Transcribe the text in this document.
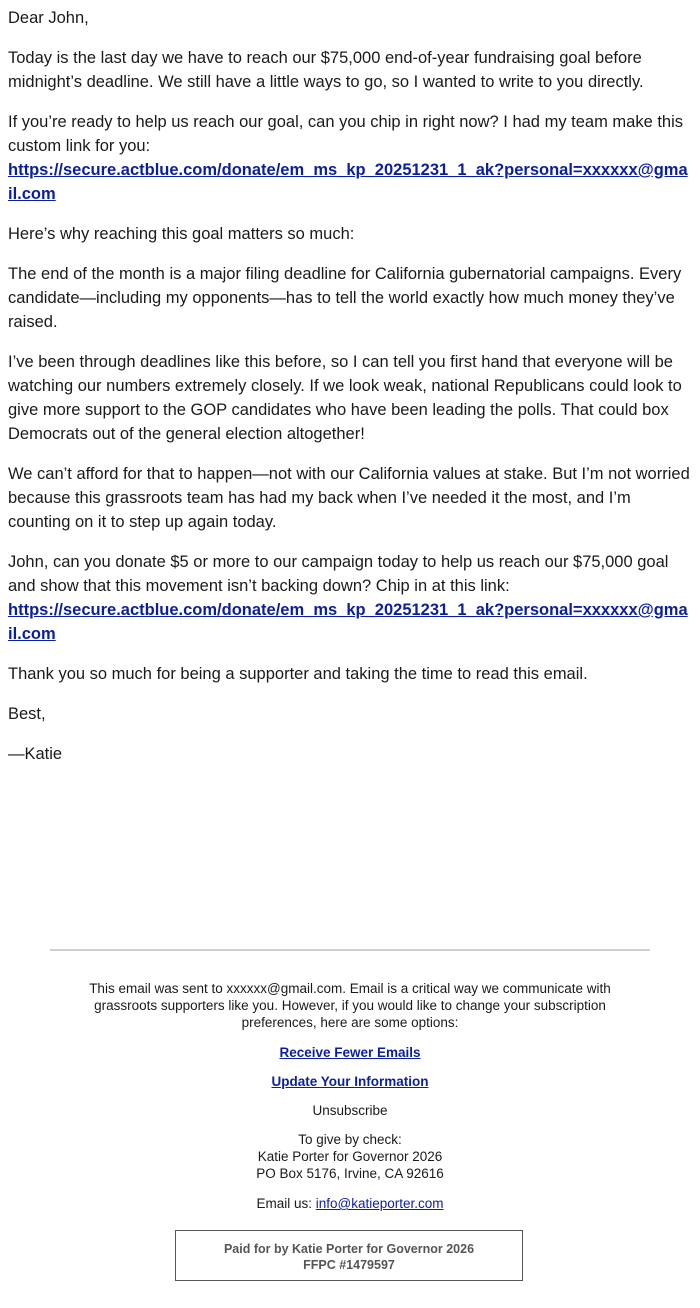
Dear John,

Today is the last day we have to reach our $75,000 end-of-year fundraising goal before midnight’s deadline. We still have a little ways to go, so I wanted to write to you directly.

If you’re ready to help us reach our goal, can you chip in right now? I had my team make this custom link for you:
https://secure.actblue.com/donate/em_ms_kp_20251231_1_ak?personal=xxxxxx@gmail.com

Here’s why reaching this goal matters so much:

The end of the month is a major filing deadline for California gubernatorial campaigns. Every candidate—including my opponents—has to tell the world exactly how much money they’ve raised.

I’ve been through deadlines like this before, so I can tell you first hand that everyone will be watching our numbers extremely closely. If we look weak, national Republicans could look to give more support to the GOP candidates who have been leading the polls. That could box Democrats out of the general election altogether!

We can’t afford for that to happen—not with our California values at stake. But I’m not worried because this grassroots team has had my back when I’ve needed it the most, and I’m counting on it to step up again today.

John, can you donate $5 or more to our campaign today to help us reach our $75,000 goal and show that this movement isn’t backing down? Chip in at this link:
https://secure.actblue.com/donate/em_ms_kp_20251231_1_ak?personal=xxxxxx@gmail.com

Thank you so much for being a supporter and taking the time to read this email.

Best,

—Katie

This email was sent to xxxxxx@gmail.com. Email is a critical way we communicate with grassroots supporters like you. However, if you would like to change your subscription preferences, here are some options:

Receive Fewer Emails

Update Your Information

Unsubscribe

To give by check:

Katie Porter for Governor 2026

PO Box 5176, Irvine, CA 92616

Email us: info@katieporter.com

Paid for by Katie Porter for Governor 2026
FFPC #1479597
